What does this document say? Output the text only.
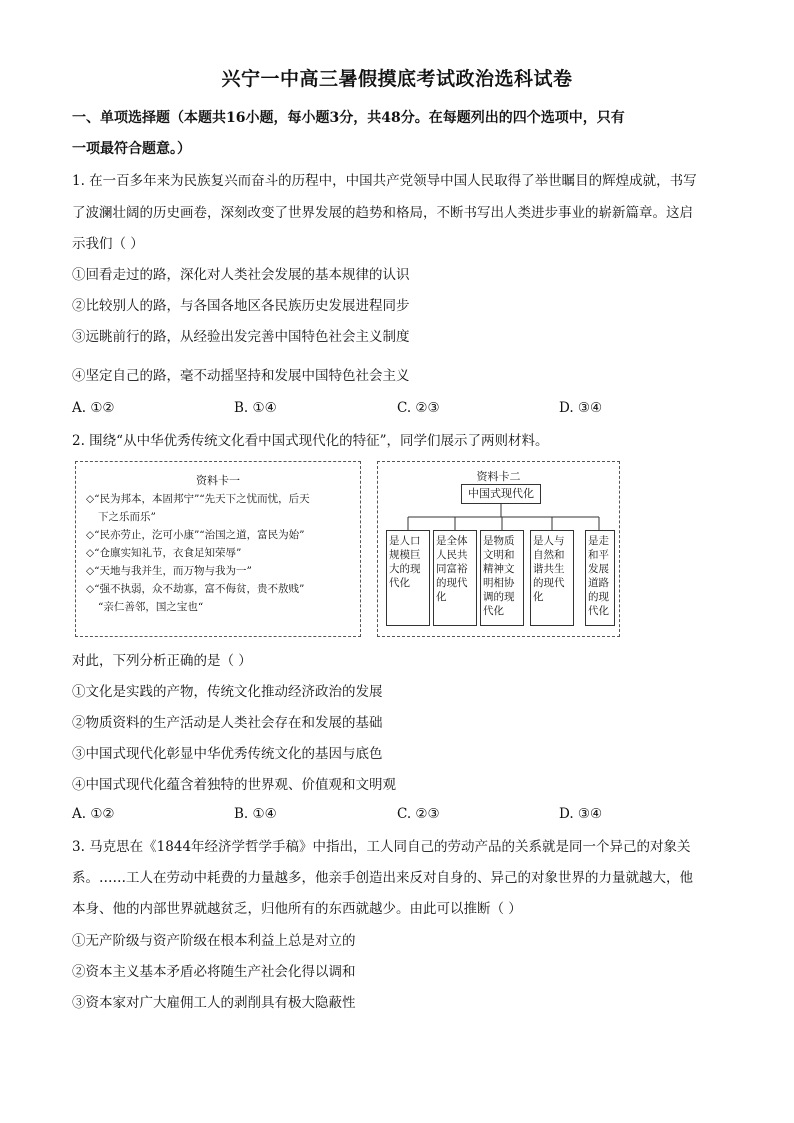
兴宁一中高三暑假摸底考试政治选科试卷
一、单项选择题（本题共16小题，每小题3分，共48分。在每题列出的四个选项中，只有
一项最符合题意。）
1. 在一百多年来为民族复兴而奋斗的历程中，中国共产党领导中国人民取得了举世瞩目的辉煌成就，书写
了波澜壮阔的历史画卷，深刻改变了世界发展的趋势和格局，不断书写出人类进步事业的崭新篇章。这启
示我们（ ）
①回看走过的路，深化对人类社会发展的基本规律的认识
②比较别人的路，与各国各地区各民族历史发展进程同步
③远眺前行的路，从经验出发完善中国特色社会主义制度
④坚定自己的路，毫不动摇坚持和发展中国特色社会主义
A. ①②	B. ①④	C. ②③	D. ③④
2. 围绕“从中华优秀传统文化看中国式现代化的特征”，同学们展示了两则材料。
资料卡一
◇“民为邦本，本固邦宁”“先天下之忧而忧，后天
下之乐而乐”
◇“民亦劳止，汔可小康”“治国之道，富民为始”
◇“仓廪实知礼节，衣食足知荣辱”
◇“天地与我并生，而万物与我为一”
◇“强不执弱，众不劫寡，富不侮贫，贵不敖贱”
“亲仁善邻，国之宝也“
资料卡二
中国式现代化
是人口规模巨大的现代化
是全体人民共同富裕的现代化
是物质文明和精神文明相协调的现代化
是人与自然和谐共生的现代化
是走和平发展道路的现代化
对此，下列分析正确的是（ ）
①文化是实践的产物，传统文化推动经济政治的发展
②物质资料的生产活动是人类社会存在和发展的基础
③中国式现代化彰显中华优秀传统文化的基因与底色
④中国式现代化蕴含着独特的世界观、价值观和文明观
A. ①②	B. ①④	C. ②③	D. ③④
3. 马克思在《1844年经济学哲学手稿》中指出，工人同自己的劳动产品的关系就是同一个异己的对象关
系。……工人在劳动中耗费的力量越多，他亲手创造出来反对自身的、异己的对象世界的力量就越大，他
本身、他的内部世界就越贫乏，归他所有的东西就越少。由此可以推断（ ）
①无产阶级与资产阶级在根本利益上总是对立的
②资本主义基本矛盾必将随生产社会化得以调和
③资本家对广大雇佣工人的剥削具有极大隐蔽性
